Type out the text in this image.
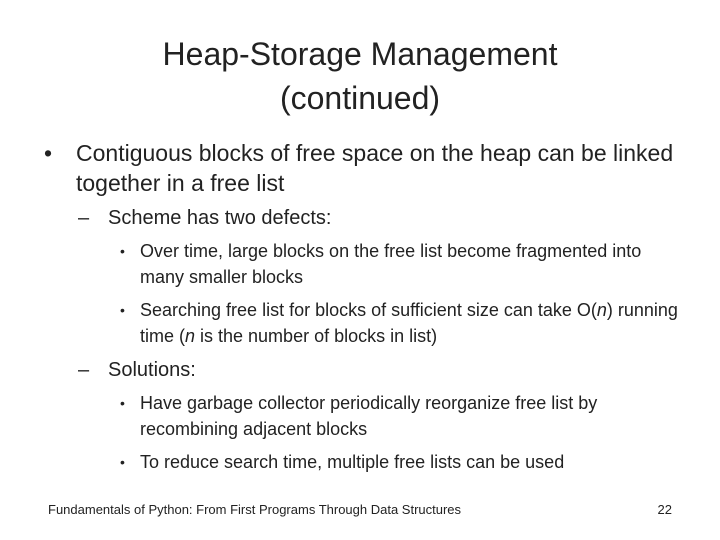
Heap-Storage Management
(continued)
•	Contiguous blocks of free space on the heap can be linked together in a free list
– Scheme has two defects:
• Over time, large blocks on the free list become fragmented into many smaller blocks
• Searching free list for blocks of sufficient size can take O(n) running time (n is the number of blocks in list)
– Solutions:
• Have garbage collector periodically reorganize free list by recombining adjacent blocks
• To reduce search time, multiple free lists can be used
Fundamentals of Python: From First Programs Through Data Structures	22
